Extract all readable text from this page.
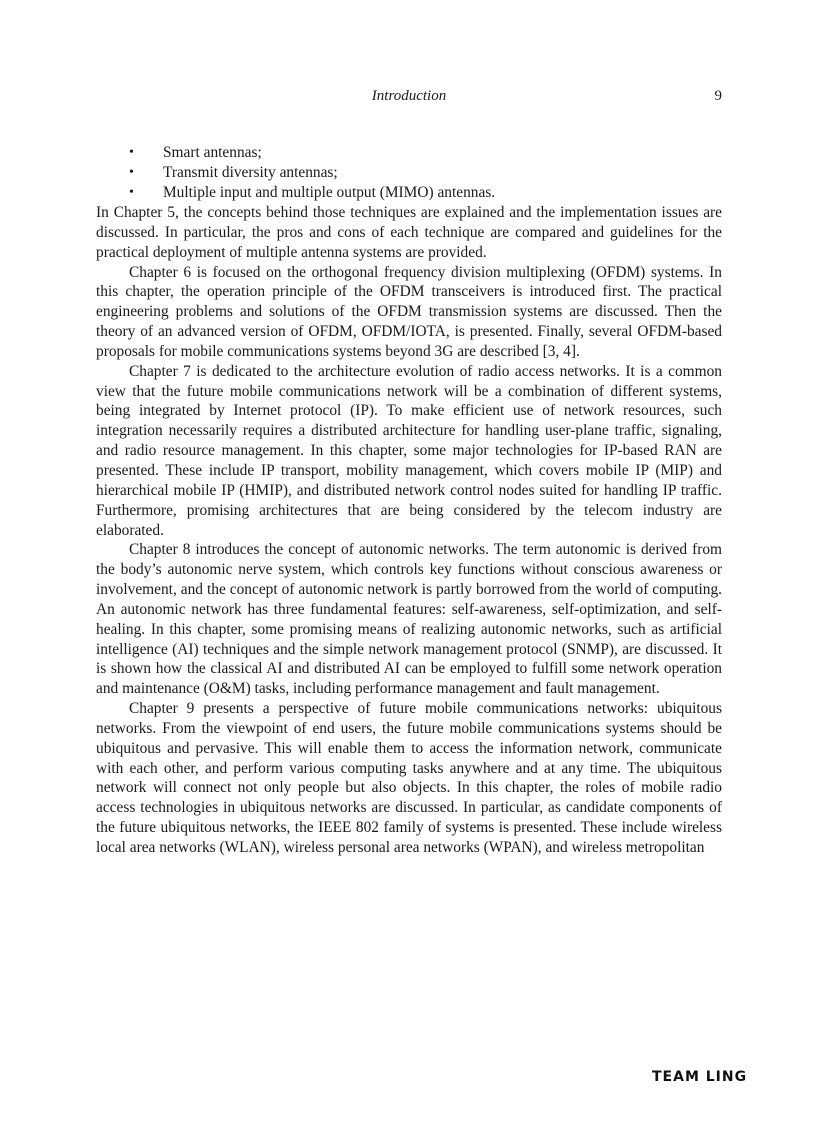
Introduction	9
• Smart antennas;
• Transmit diversity antennas;
• Multiple input and multiple output (MIMO) antennas.

In Chapter 5, the concepts behind those techniques are explained and the implementation issues are discussed. In particular, the pros and cons of each technique are compared and guidelines for the practical deployment of multiple antenna systems are provided.

Chapter 6 is focused on the orthogonal frequency division multiplexing (OFDM) systems. In this chapter, the operation principle of the OFDM transceivers is introduced first. The practical engineering problems and solutions of the OFDM transmission systems are discussed. Then the theory of an advanced version of OFDM, OFDM/IOTA, is presented. Finally, several OFDM-based proposals for mobile communications systems beyond 3G are described [3, 4].

Chapter 7 is dedicated to the architecture evolution of radio access networks. It is a common view that the future mobile communications network will be a combination of different systems, being integrated by Internet protocol (IP). To make efficient use of network resources, such integration necessarily requires a distributed architecture for handling user-plane traffic, signaling, and radio resource management. In this chapter, some major technologies for IP-based RAN are presented. These include IP transport, mobility management, which covers mobile IP (MIP) and hierarchical mobile IP (HMIP), and distributed network control nodes suited for handling IP traffic. Furthermore, promising architectures that are being considered by the telecom industry are elaborated.

Chapter 8 introduces the concept of autonomic networks. The term autonomic is derived from the body’s autonomic nerve system, which controls key functions without conscious awareness or involvement, and the concept of autonomic network is partly borrowed from the world of computing. An autonomic network has three fundamental features: self-awareness, self-optimization, and self-healing. In this chapter, some promising means of realizing autonomic networks, such as artificial intelligence (AI) techniques and the simple network management protocol (SNMP), are discussed. It is shown how the classical AI and distributed AI can be employed to fulfill some network operation and maintenance (O&M) tasks, including performance management and fault management.

Chapter 9 presents a perspective of future mobile communications networks: ubiquitous networks. From the viewpoint of end users, the future mobile communications systems should be ubiquitous and pervasive. This will enable them to access the information network, communicate with each other, and perform various computing tasks anywhere and at any time. The ubiquitous network will connect not only people but also objects. In this chapter, the roles of mobile radio access technologies in ubiquitous networks are discussed. In particular, as candidate components of the future ubiquitous networks, the IEEE 802 family of systems is presented. These include wireless local area networks (WLAN), wireless personal area networks (WPAN), and wireless metropolitan

TEAM LING
